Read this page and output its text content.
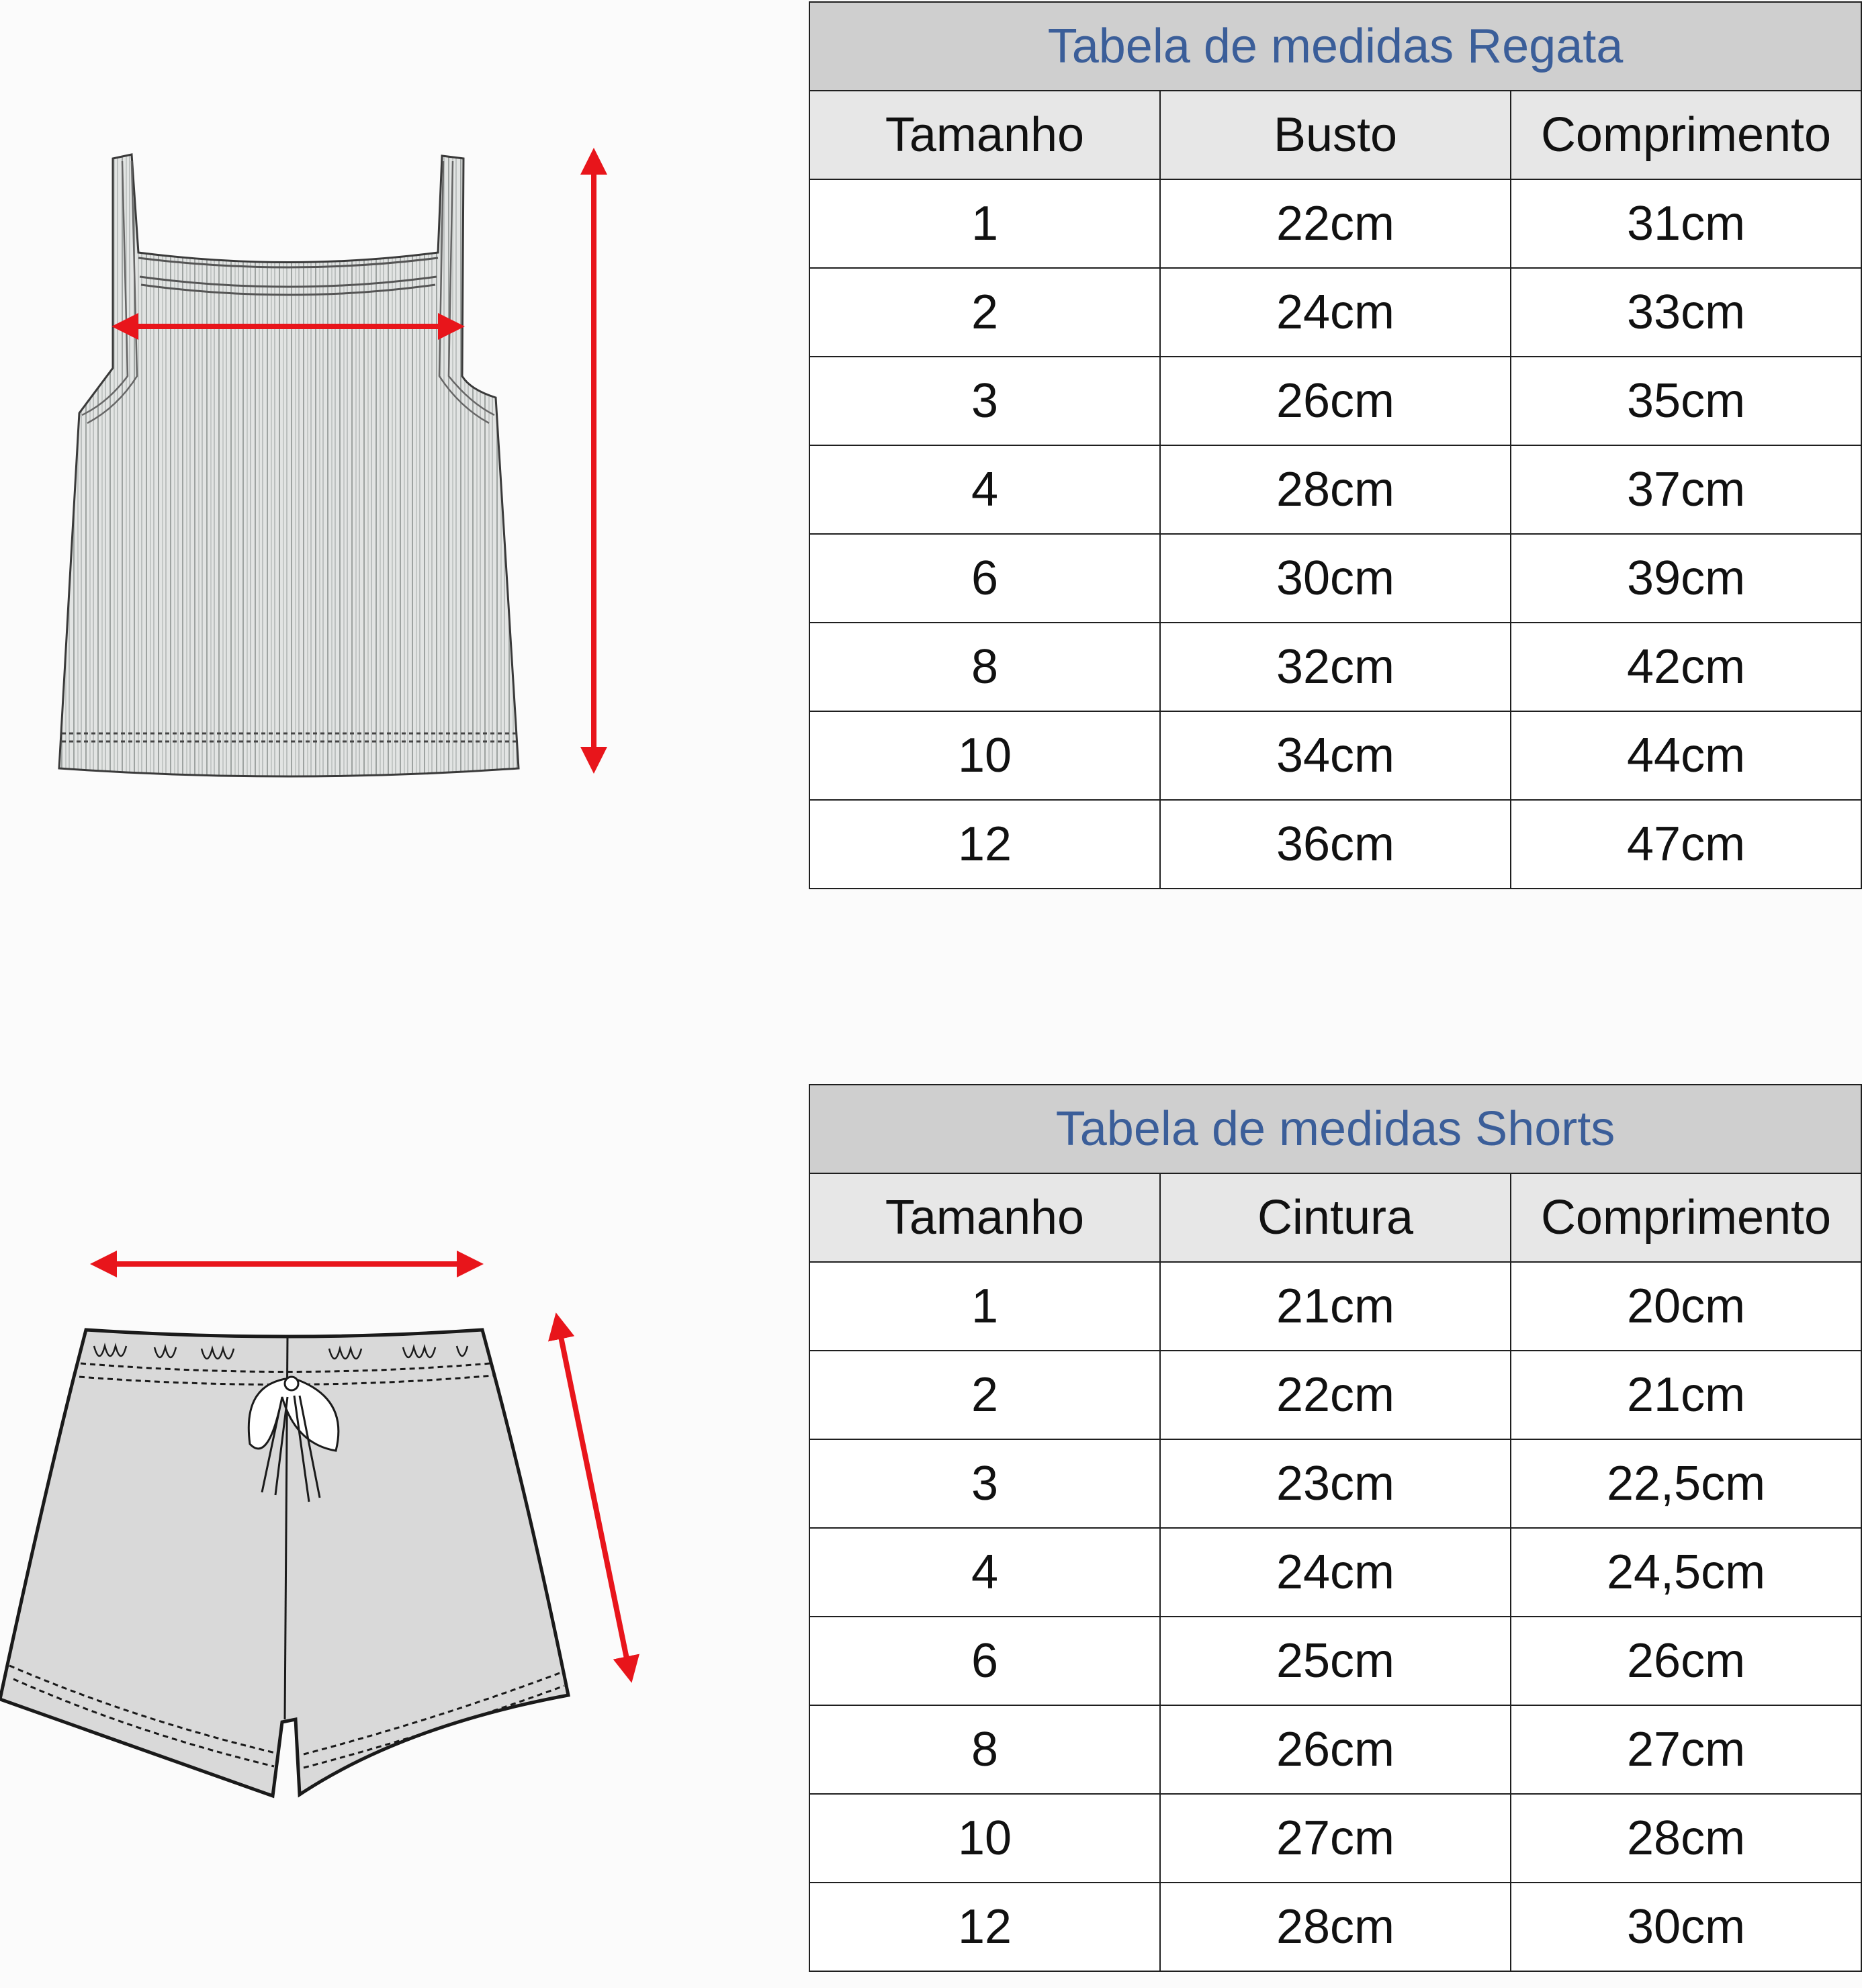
Tabela de medidas Regata		
Tamanho	Busto	Comprimento
1	22cm	31cm
2	24cm	33cm
3	26cm	35cm
4	28cm	37cm
6	30cm	39cm
8	32cm	42cm
10	34cm	44cm
12	36cm	47cm
Tabela de medidas Shorts		
Tamanho	Cintura	Comprimento
1	21cm	20cm
2	22cm	21cm
3	23cm	22,5cm
4	24cm	24,5cm
6	25cm	26cm
8	26cm	27cm
10	27cm	28cm
12	28cm	30cm
